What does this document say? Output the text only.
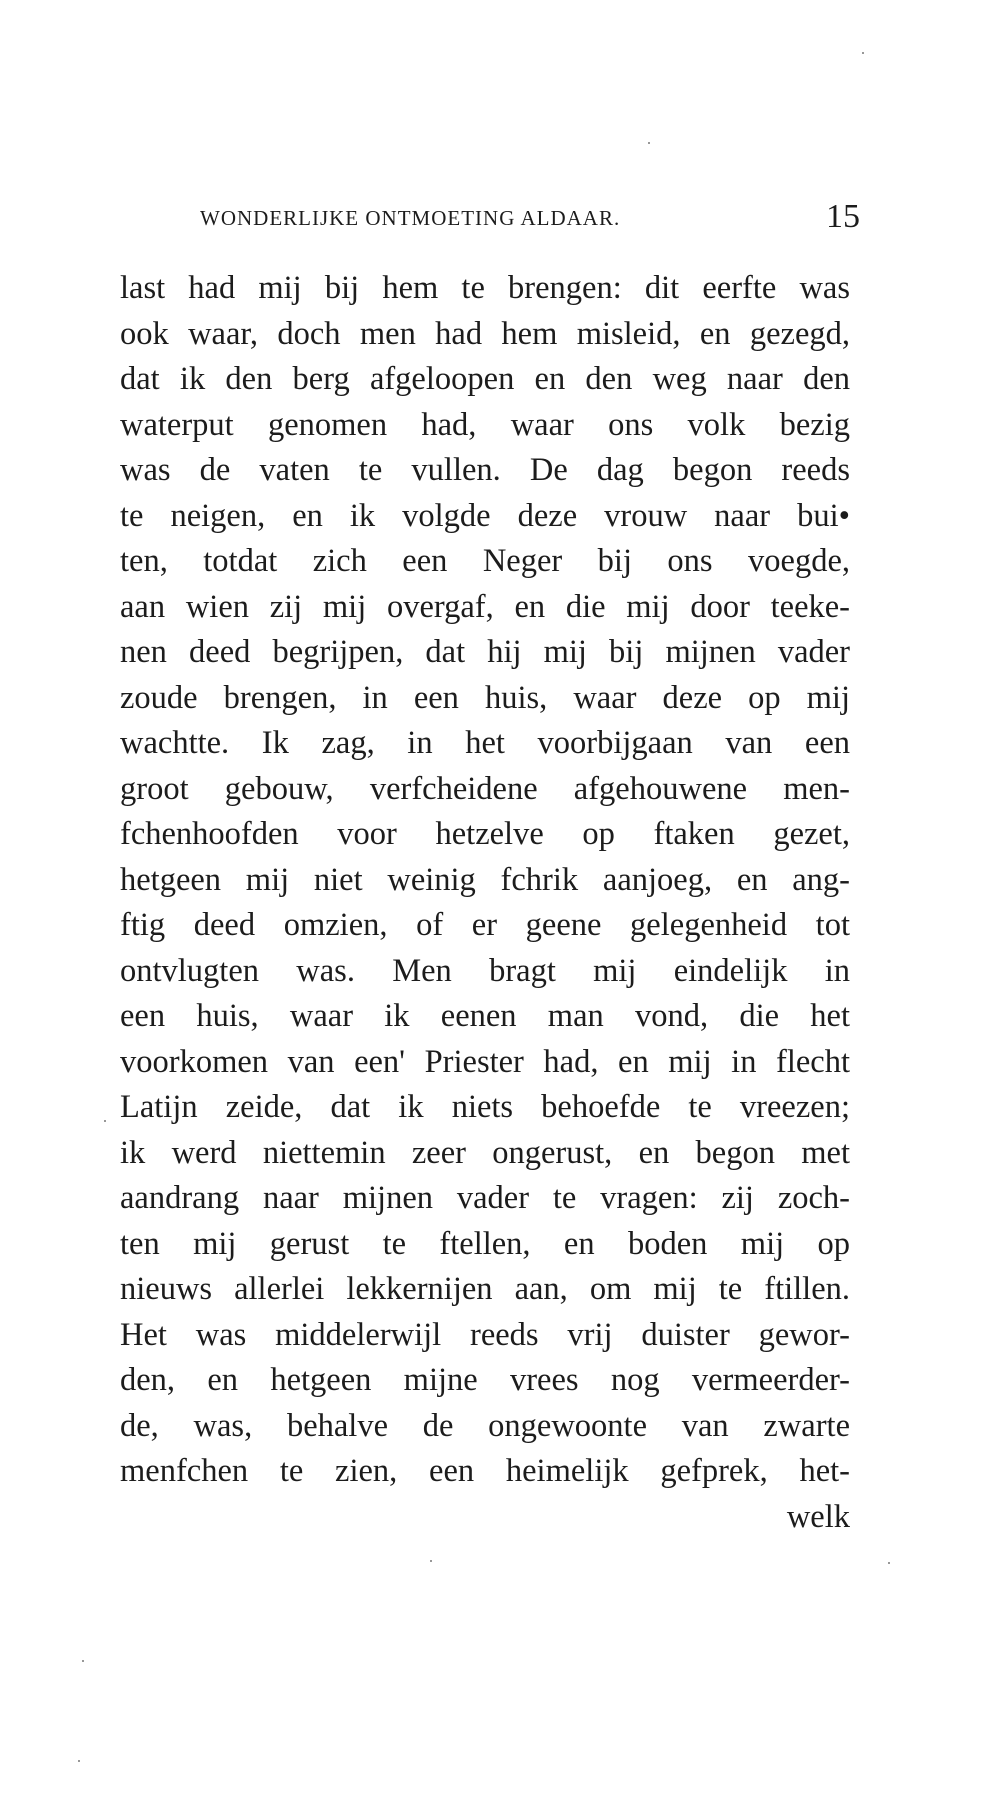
WONDERLIJKE ONTMOETING ALDAAR.	15
last had mij bij hem te brengen: dit eerfte was
ook waar, doch men had hem misleid, en gezegd,
dat ik den berg afgeloopen en den weg naar den
waterput genomen had, waar ons volk bezig
was de vaten te vullen. De dag begon reeds
te neigen, en ik volgde deze vrouw naar bui•
ten, totdat zich een Neger bij ons voegde,
aan wien zij mij overgaf, en die mij door teeke-
nen deed begrijpen, dat hij mij bij mijnen vader
zoude brengen, in een huis, waar deze op mij
wachtte. Ik zag, in het voorbijgaan van een
groot gebouw, verfcheidene afgehouwene men-
fchenhoofden voor hetzelve op ftaken gezet,
hetgeen mij niet weinig fchrik aanjoeg, en ang-
ftig deed omzien, of er geene gelegenheid tot
ontvlugten was. Men bragt mij eindelijk in
een huis, waar ik eenen man vond, die het
voorkomen van een' Priester had, en mij in flecht
Latijn zeide, dat ik niets behoefde te vreezen;
ik werd niettemin zeer ongerust, en begon met
aandrang naar mijnen vader te vragen: zij zoch-
ten mij gerust te ftellen, en boden mij op
nieuws allerlei lekkernijen aan, om mij te ftillen.
Het was middelerwijl reeds vrij duister gewor-
den, en hetgeen mijne vrees nog vermeerder-
de, was, behalve de ongewoonte van zwarte
menfchen te zien, een heimelijk gefprek, het-
welk
